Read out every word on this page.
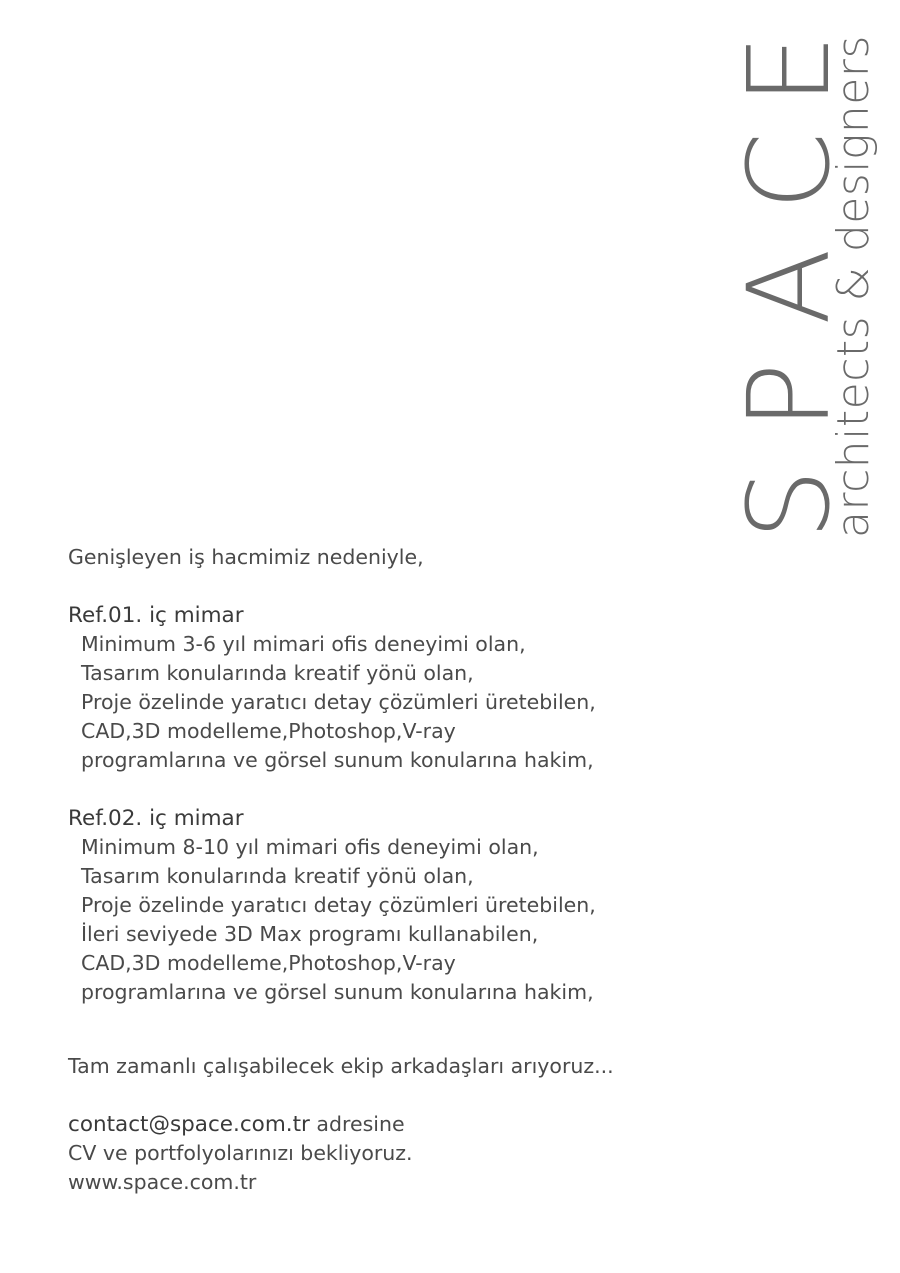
S
P
A
C
E
architects & designers
Genişleyen iş hacmimiz nedeniyle,
Ref.01. iç mimar
Minimum 3-6 yıl mimari ofis deneyimi olan,
Tasarım konularında kreatif yönü olan,
Proje özelinde yaratıcı detay çözümleri üretebilen,
CAD,3D modelleme,Photoshop,V-ray
programlarına ve görsel sunum konularına hakim,
Ref.02. iç mimar
Minimum 8-10 yıl mimari ofis deneyimi olan,
Tasarım konularında kreatif yönü olan,
Proje özelinde yaratıcı detay çözümleri üretebilen,
İleri seviyede 3D Max programı kullanabilen,
CAD,3D modelleme,Photoshop,V-ray
programlarına ve görsel sunum konularına hakim,
Tam zamanlı çalışabilecek ekip arkadaşları arıyoruz...
contact@space.com.tr adresine
CV ve portfolyolarınızı bekliyoruz.
www.space.com.tr
